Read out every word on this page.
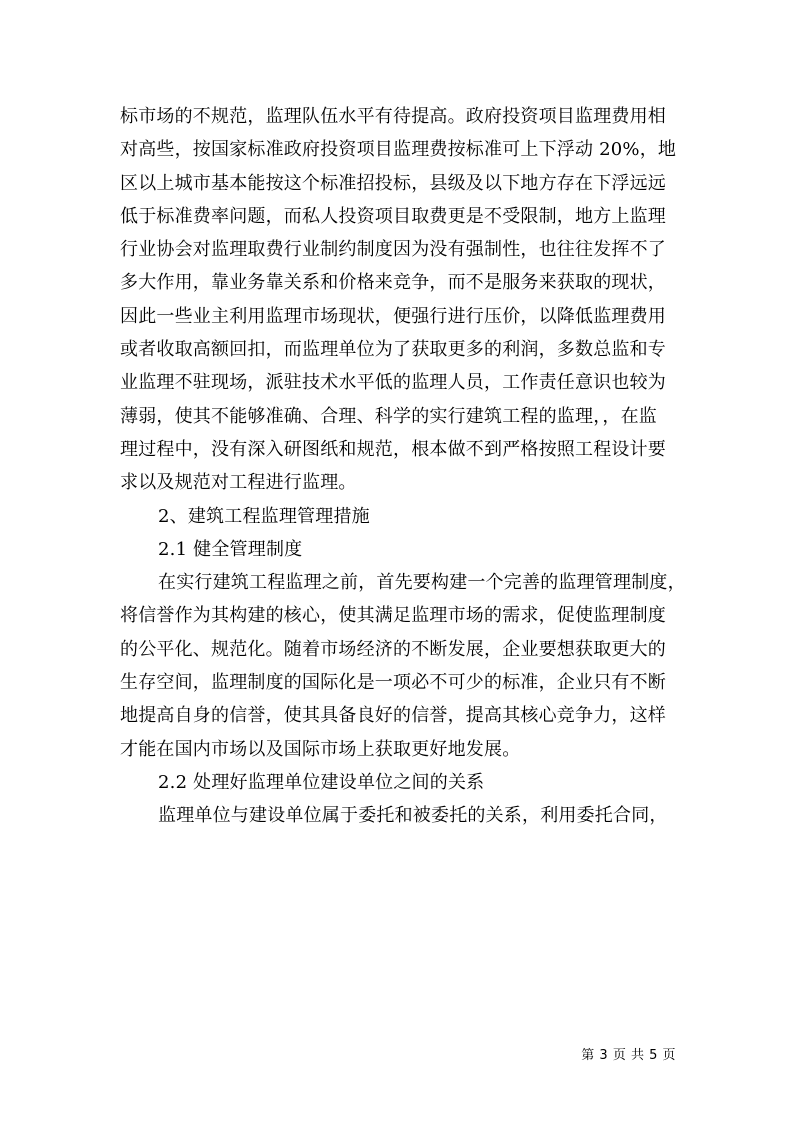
标市场的不规范，监理队伍水平有待提高。政府投资项目监理费用相
对高些，按国家标准政府投资项目监理费按标准可上下浮动 20%，地
区以上城市基本能按这个标准招投标，县级及以下地方存在下浮远远
低于标准费率问题，而私人投资项目取费更是不受限制，地方上监理
行业协会对监理取费行业制约制度因为没有强制性，也往往发挥不了
多大作用，靠业务靠关系和价格来竞争，而不是服务来获取的现状，
因此一些业主利用监理市场现状，便强行进行压价，以降低监理费用
或者收取高额回扣，而监理单位为了获取更多的利润，多数总监和专
业监理不驻现场，派驻技术水平低的监理人员，工作责任意识也较为
薄弱，使其不能够准确、合理、科学的实行建筑工程的监理，，在监
理过程中，没有深入研图纸和规范，根本做不到严格按照工程设计要
求以及规范对工程进行监理。
2、建筑工程监理管理措施
2.1 健全管理制度
在实行建筑工程监理之前，首先要构建一个完善的监理管理制度，
将信誉作为其构建的核心，使其满足监理市场的需求，促使监理制度
的公平化、规范化。随着市场经济的不断发展，企业要想获取更大的
生存空间，监理制度的国际化是一项必不可少的标准，企业只有不断
地提高自身的信誉，使其具备良好的信誉，提高其核心竞争力，这样
才能在国内市场以及国际市场上获取更好地发展。
2.2 处理好监理单位建设单位之间的关系
监理单位与建设单位属于委托和被委托的关系，利用委托合同，
第 3 页 共 5 页
